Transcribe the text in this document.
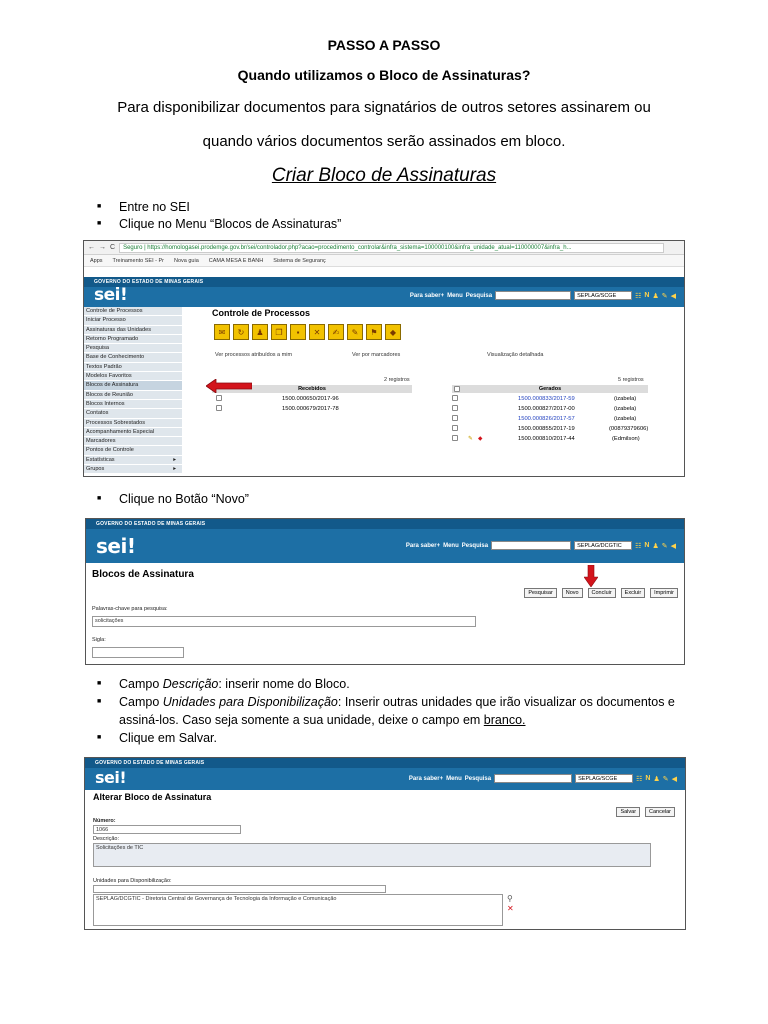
PASSO A PASSO
Quando utilizamos o Bloco de Assinaturas?
Para disponibilizar documentos para signatários de outros setores assinarem ou
quando vários documentos serão assinados em bloco.
Criar Bloco de Assinaturas
Entre no SEI
Clique no Menu “Blocos de Assinaturas”
← → C	Seguro | https://homologasei.prodemge.gov.br/sei/controlador.php?acao=procedimento_controlar&infra_sistema=100000100&infra_unidade_atual=110000007&infra_h...
Apps Treinamento SEI - Pr Nova guia CAMA MESA E BANH Sistema de Seguranç
GOVERNO DO ESTADO DE MINAS GERAIS
sei!	Para saber+ Menu Pesquisa	SEPLAG/SCGE	☷ N ♟ ✎ ◀
Controle de Processos
Iniciar Processo
Assinaturas das Unidades
Retorno Programado
Pesquisa
Base de Conhecimento
Textos Padrão
Modelos Favoritos
Blocos de Assinatura
Blocos de Reunião
Blocos Internos
Contatos
Processos Sobrestados
Acompanhamento Especial
Marcadores
Pontos de Controle
Estatísticas	▸
Grupos	▸
Controle de Processos
✉	↻	♟	❐	▪	✕	✍	✎	⚑	◆
Ver processos atribuídos a mim	Ver por marcadores	Visualização detalhada
2 registros	5 registros
Recebidos	Gerados
1500.000650/2017-96
1500.000679/2017-78
1500.000833/2017-59	(izabela)
1500.000827/2017-00	(izabela)
1500.000826/2017-57	(izabela)
1500.000855/2017-19	(00879379606)
✎ ◆	1500.000810/2017-44	(Edmilson)
Clique no Botão “Novo”
GOVERNO DO ESTADO DE MINAS GERAIS
sei!	Para saber+ Menu Pesquisa	SEPLAG/DCGTIC	☷ N ♟ ✎ ◀
Blocos de Assinatura
Pesquisar Novo Concluir Excluir Imprimir
Palavras-chave para pesquisa:
solicitações
Sigla:
Campo Descrição: inserir nome do Bloco.
Campo Unidades para Disponibilização: Inserir outras unidades que irão visualizar os documentos e assiná-los. Caso seja somente a sua unidade, deixe o campo em branco.
Clique em Salvar.
GOVERNO DO ESTADO DE MINAS GERAIS
sei!	Para saber+ Menu Pesquisa	SEPLAG/SCGE	☷ N ♟ ✎ ◀
Alterar Bloco de Assinatura
Salvar Cancelar
Número:
1066
Descrição:
Solicitações de TIC
Unidades para Disponibilização:
SEPLAG/DCGTIC - Diretoria Central de Governança de Tecnologia da Informação e Comunicação	⚲
✕
